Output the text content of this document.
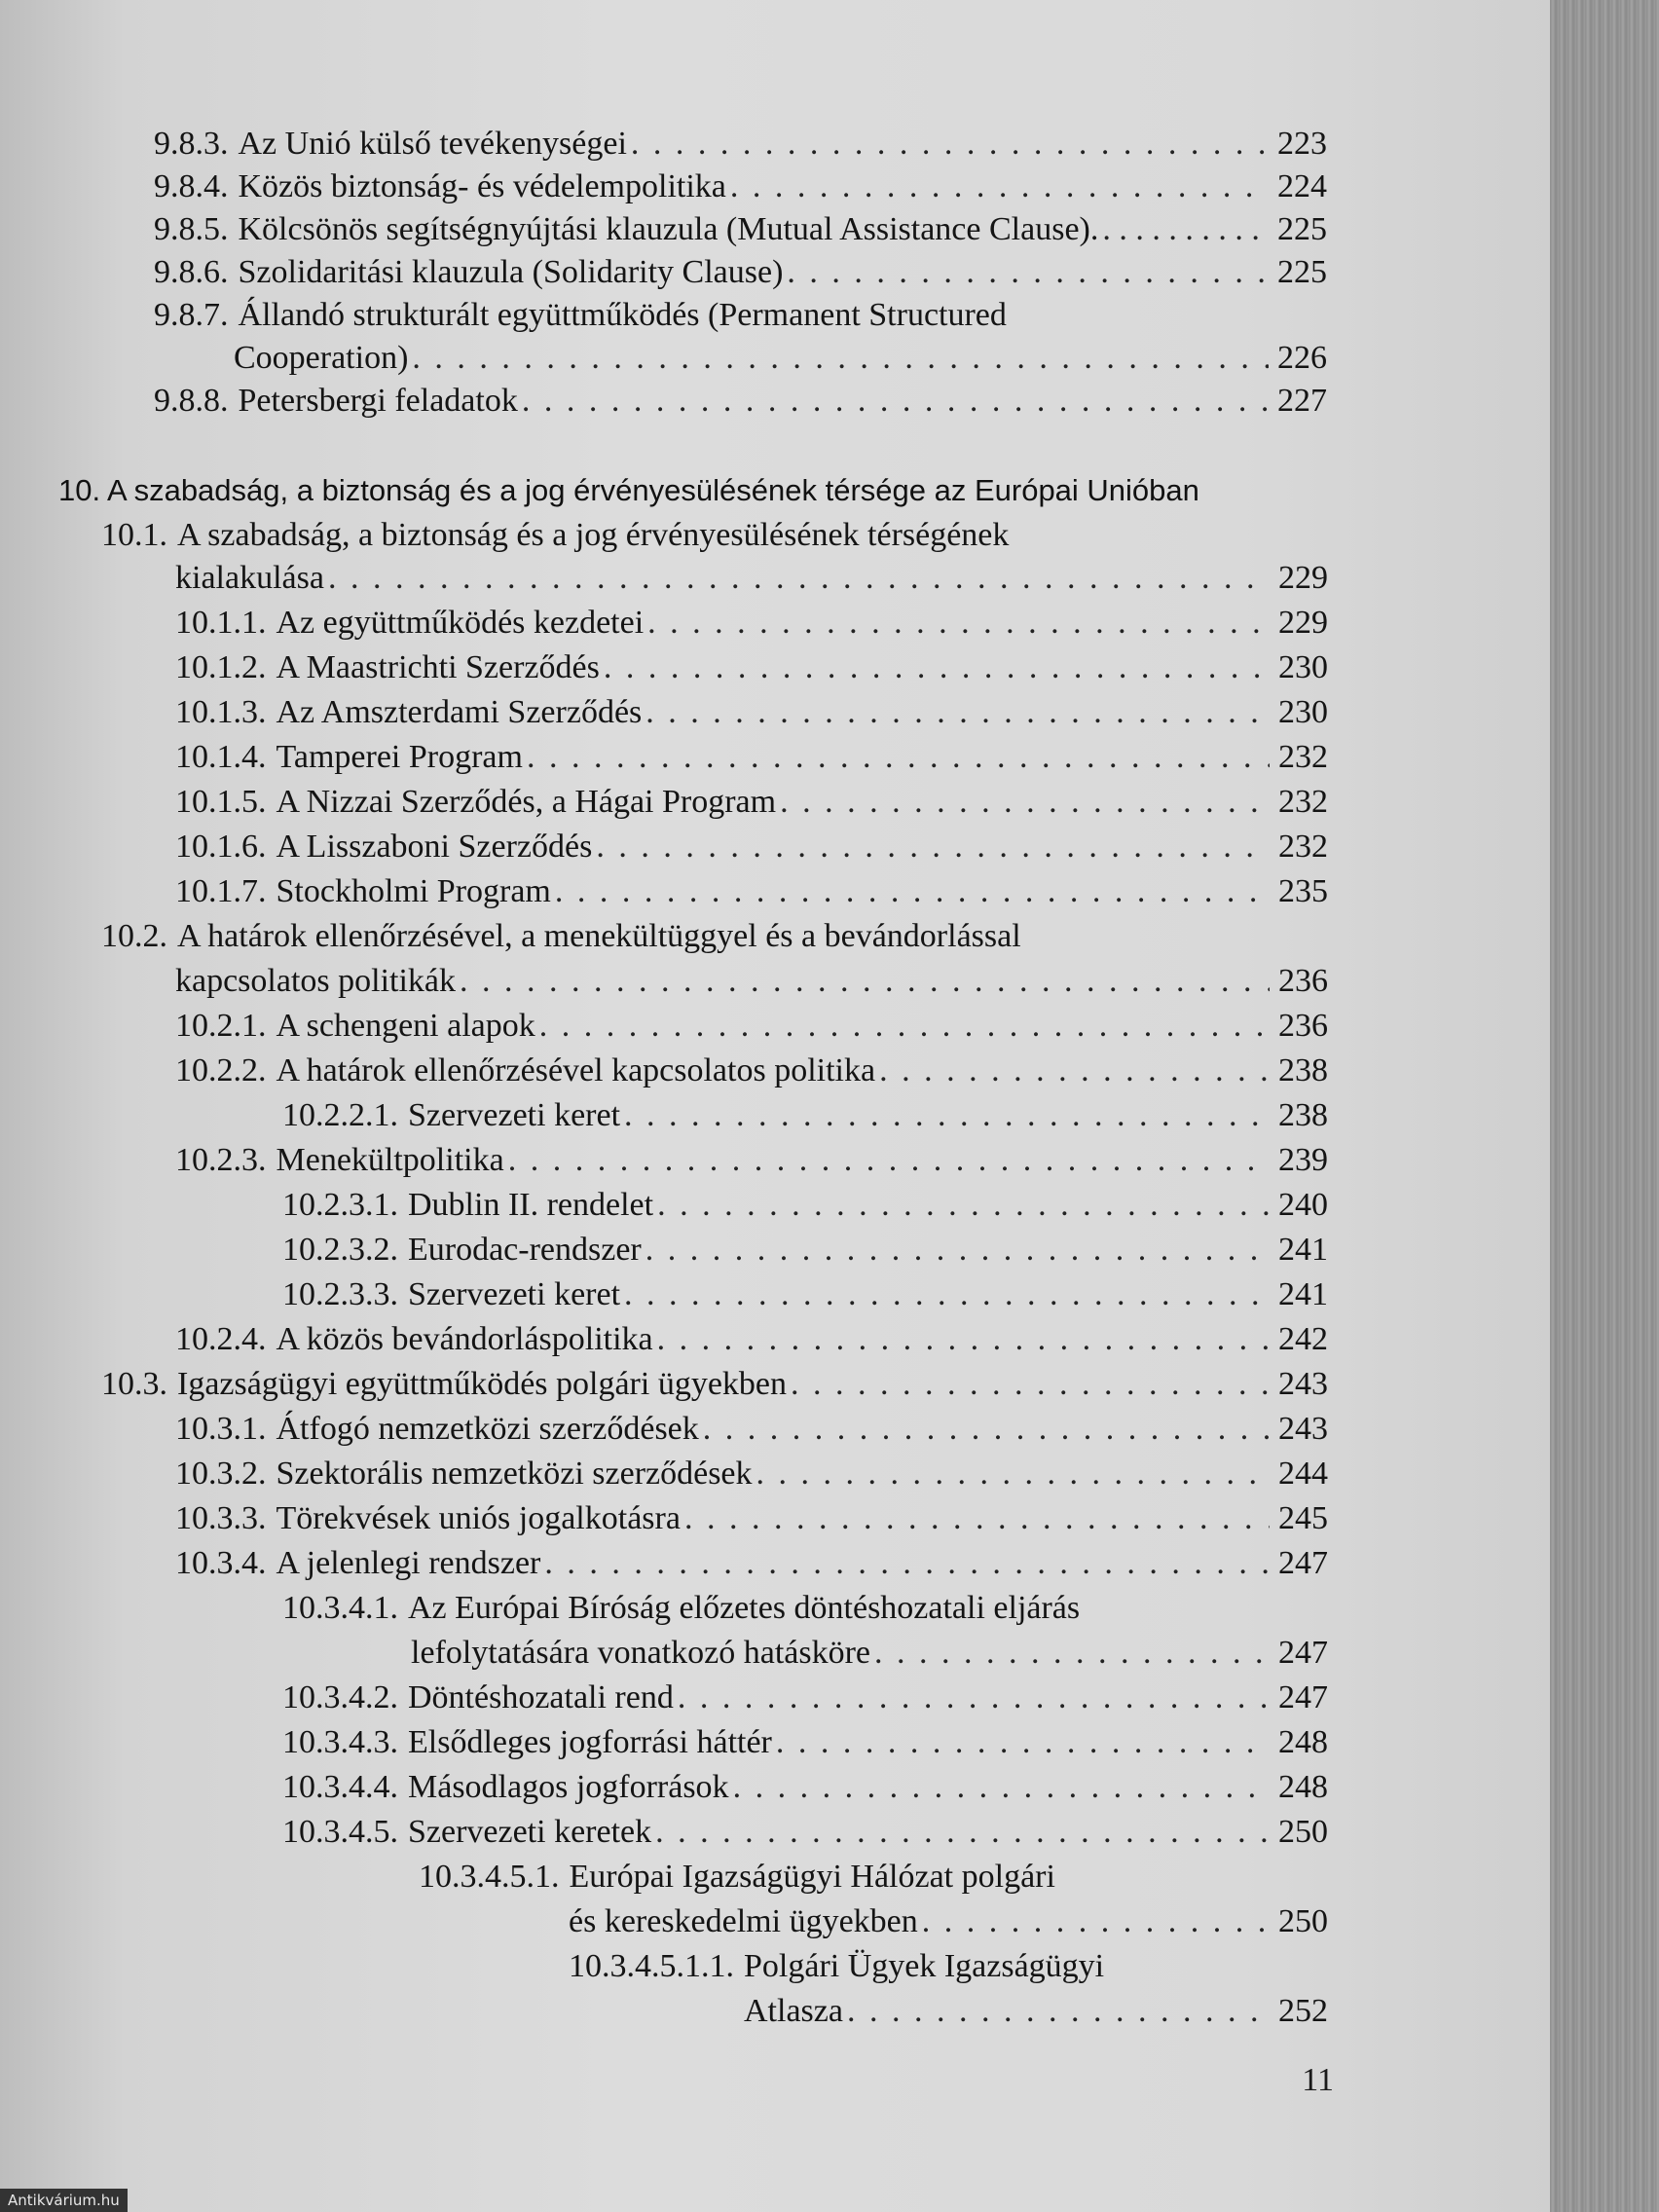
9.8.3. Az Unió külső tevékenységei . . .	223
9.8.4. Közös biztonság- és védelempolitika . . .	224
9.8.5. Kölcsönös segítségnyújtási klauzula (Mutual Assistance Clause). . . .	225
9.8.6. Szolidaritási klauzula (Solidarity Clause) . . .	225
9.8.7. Állandó strukturált együttműködés (Permanent Structured
Cooperation) . . .	226
9.8.8. Petersbergi feladatok . . .	227
10. A szabadság, a biztonság és a jog érvényesülésének térsége az Európai Unióban
10.1. A szabadság, a biztonság és a jog érvényesülésének térségének
kialakulása . . .	229
10.1.1. Az együttműködés kezdetei . . .	229
10.1.2. A Maastrichti Szerződés . . .	230
10.1.3. Az Amszterdami Szerződés . . .	230
10.1.4. Tamperei Program . . .	232
10.1.5. A Nizzai Szerződés, a Hágai Program . . .	232
10.1.6. A Lisszaboni Szerződés . . .	232
10.1.7. Stockholmi Program . . .	235
10.2. A határok ellenőrzésével, a menekültüggyel és a bevándorlással
kapcsolatos politikák . . .	236
10.2.1. A schengeni alapok . . .	236
10.2.2. A határok ellenőrzésével kapcsolatos politika . . .	238
10.2.2.1. Szervezeti keret . . .	238
10.2.3. Menekültpolitika . . .	239
10.2.3.1. Dublin II. rendelet . . .	240
10.2.3.2. Eurodac-rendszer . . .	241
10.2.3.3. Szervezeti keret . . .	241
10.2.4. A közös bevándorláspolitika . . .	242
10.3. Igazságügyi együttműködés polgári ügyekben . . .	243
10.3.1. Átfogó nemzetközi szerződések . . .	243
10.3.2. Szektorális nemzetközi szerződések . . .	244
10.3.3. Törekvések uniós jogalkotásra . . .	245
10.3.4. A jelenlegi rendszer . . .	247
10.3.4.1. Az Európai Bíróság előzetes döntéshozatali eljárás
lefolytatására vonatkozó hatásköre . . .	247
10.3.4.2. Döntéshozatali rend . . .	247
10.3.4.3. Elsődleges jogforrási háttér . . .	248
10.3.4.4. Másodlagos jogforrások . . .	248
10.3.4.5. Szervezeti keretek . . .	250
10.3.4.5.1. Európai Igazságügyi Hálózat polgári
és kereskedelmi ügyekben . . .	250
10.3.4.5.1.1. Polgári Ügyek Igazságügyi
Atlasza . . .	252
11
Antikvárium.hu
